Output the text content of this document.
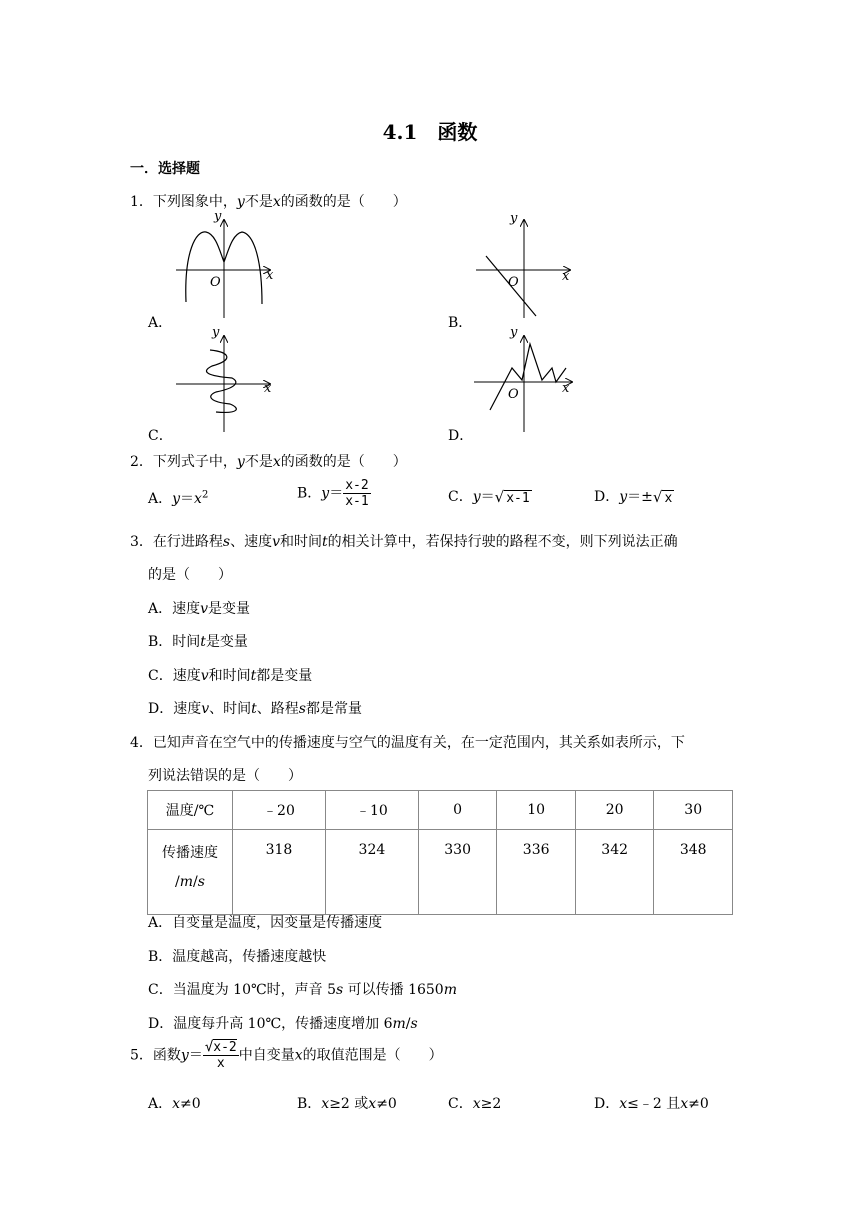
4.1　函数
一．选择题
1．下列图象中，y不是x的函数的是（　　）
A．	B．
C．	D．
y
x
O
y
x
O
y
x
y
x
O
2．下列式子中，y不是x的函数的是（　　）
A．$y=x^2$	B．$y= \frac{x-2}{x-1}$	C．y＝√ x-1	D．y＝±√ x
3．在行进路程s、速度v和时间t的相关计算中，若保持行驶的路程不变，则下列说法正确
的是（　　）
A．速度v是变量
B．时间t是变量
C．速度v和时间t都是变量
D．速度v、时间t、路程s都是常量
4．已知声音在空气中的传播速度与空气的温度有关，在一定范围内，其关系如表所示，下
列说法错误的是（　　）
温度/℃	﹣20	﹣10	0	10	20	30

传播速度
/m/s	318	324	330	336	342	348
A．自变量是温度，因变量是传播速度
B．温度越高，传播速度越快
C．当温度为 10℃时，声音 5s 可以传播 1650m
D．温度每升高 10℃，传播速度增加 6m/s
5．函数$y= \frac{√x-2}{x}$ 中自变量x的取值范围是（　　）
A．x≠0	B．x≥2 或x≠0	C．x≥2	D．x≤﹣2 且x≠0
